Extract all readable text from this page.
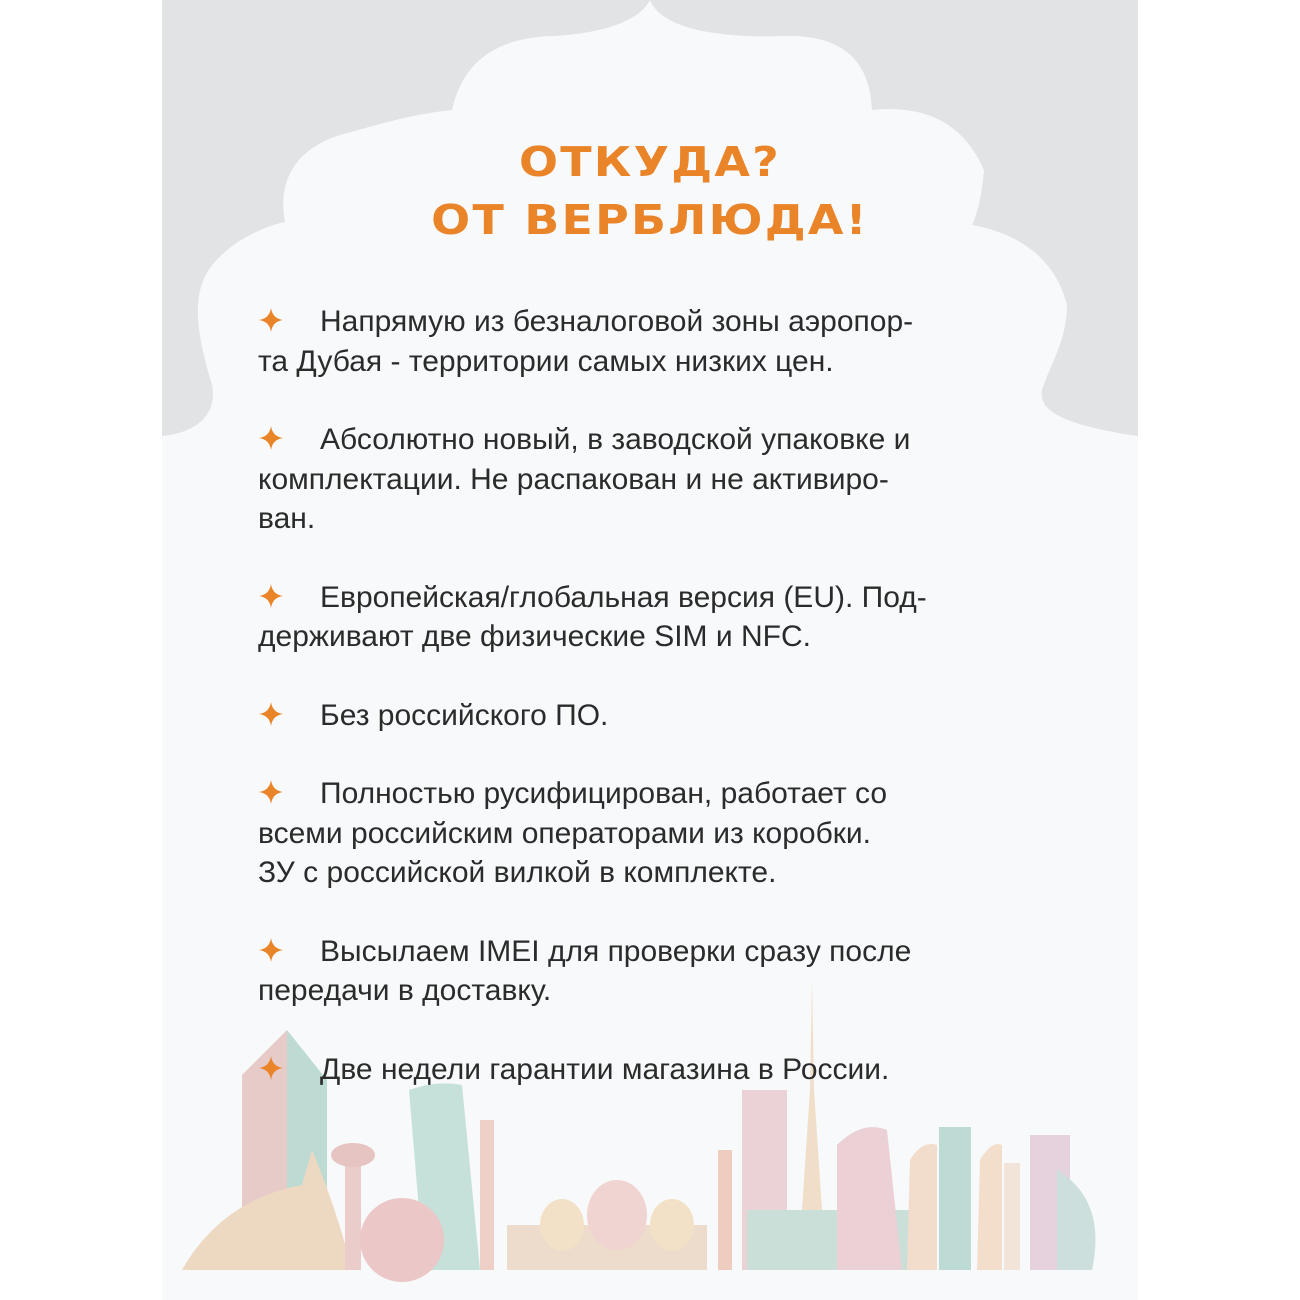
ОТКУДА?
ОТ ВЕРБЛЮДА!
Напрямую из безналоговой зоны аэропор-
та Дубая - территории самых низких цен.
Абсолютно новый, в заводской упаковке и
комплектации. Не распакован и не активиро-
ван.
Европейская/глобальная версия (EU). Под-
держивают две физические SIM и NFC.
Без российского ПО.
Полностью русифицирован, работает со
всеми российским операторами из коробки.
ЗУ с российской вилкой в комплекте.
Высылаем IMEI для проверки сразу после
передачи в доставку.
Две недели гарантии магазина в России.
